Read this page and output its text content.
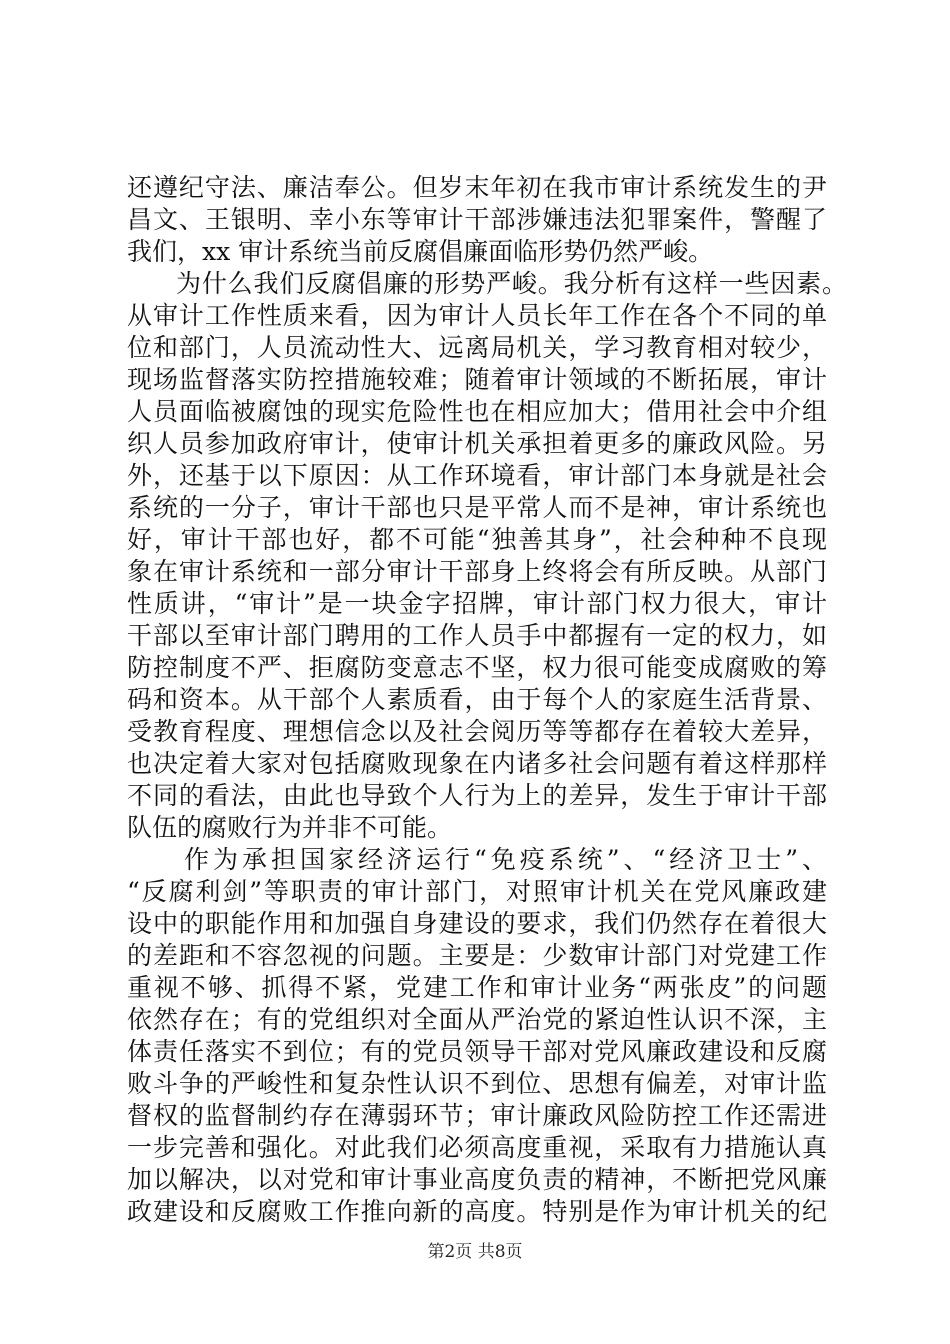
还遵纪守法、廉洁奉公。但岁末年初在我市审计系统发生的尹
昌文、王银明、幸小东等审计干部涉嫌违法犯罪案件，警醒了
我们，xx 审计系统当前反腐倡廉面临形势仍然严峻。
为什么我们反腐倡廉的形势严峻。我分析有这样一些因素。
从审计工作性质来看，因为审计人员长年工作在各个不同的单
位和部门，人员流动性大、远离局机关，学习教育相对较少，
现场监督落实防控措施较难；随着审计领域的不断拓展，审计
人员面临被腐蚀的现实危险性也在相应加大；借用社会中介组
织人员参加政府审计，使审计机关承担着更多的廉政风险。另
外，还基于以下原因：从工作环境看，审计部门本身就是社会
系统的一分子，审计干部也只是平常人而不是神，审计系统也
好，审计干部也好，都不可能“独善其身”，社会种种不良现
象在审计系统和一部分审计干部身上终将会有所反映。从部门
性质讲，“审计”是一块金字招牌，审计部门权力很大，审计
干部以至审计部门聘用的工作人员手中都握有一定的权力，如
防控制度不严、拒腐防变意志不坚，权力很可能变成腐败的筹
码和资本。从干部个人素质看，由于每个人的家庭生活背景、
受教育程度、理想信念以及社会阅历等等都存在着较大差异，
也决定着大家对包括腐败现象在内诸多社会问题有着这样那样
不同的看法，由此也导致个人行为上的差异，发生于审计干部
队伍的腐败行为并非不可能。
作为承担国家经济运行“免疫系统”、“经济卫士”、
“反腐利剑”等职责的审计部门，对照审计机关在党风廉政建
设中的职能作用和加强自身建设的要求，我们仍然存在着很大
的差距和不容忽视的问题。主要是：少数审计部门对党建工作
重视不够、抓得不紧，党建工作和审计业务“两张皮”的问题
依然存在；有的党组织对全面从严治党的紧迫性认识不深，主
体责任落实不到位；有的党员领导干部对党风廉政建设和反腐
败斗争的严峻性和复杂性认识不到位、思想有偏差，对审计监
督权的监督制约存在薄弱环节；审计廉政风险防控工作还需进
一步完善和强化。对此我们必须高度重视，采取有力措施认真
加以解决，以对党和审计事业高度负责的精神，不断把党风廉
政建设和反腐败工作推向新的高度。特别是作为审计机关的纪
第2页 共8页
